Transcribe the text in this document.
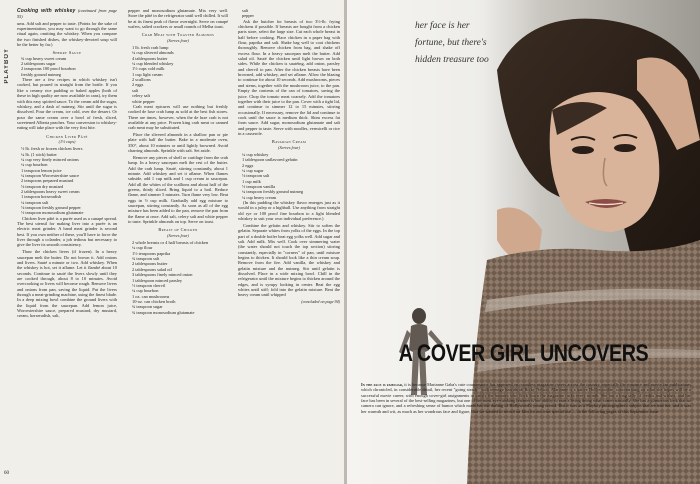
PLAYBOY
Cooking with whiskey (continued from page 55)
ums. Add salt and pepper to taste. (Points for the sake of experimentation, you may want to go through the same ritual again, omitting the whiskey. When you compare the two finished dishes, the whiskey-devoted soup will be the better by far.)
Sherry Sauce
¾ cup heavy sweet cream
2 tablespoons sugar
2 teaspoons 100 proof bourbon
freshly ground nutmeg
There are a few recipes in which whiskey isn't cooked, but poured in straight from the bottle. If you like a creamy rice pudding or baked apples (both of these in high quality are now available in cans), try them with this easy spirited sauce. To the cream add the sugar, whiskey, and a dash of nutmeg. Stir until the sugar is dissolved. Pour the cream, ice cold, over the dessert. Or pour the same cream over a bowl of fresh, sliced, sweetened Alberta peaches. Your conversion to whiskey-eating will take place with the very first bite.
Chicken Liver Pâté
(1½ cups)
½ lb. fresh or frozen chicken livers
¼ lb. (1 stick) butter
¼ cup very finely minced onions
¼ cup bourbon
1 teaspoon lemon juice
¼ teaspoon Worcestershire sauce
2 teaspoons prepared mustard
⅛ teaspoon dry mustard
2 tablespoons heavy sweet cream
1 teaspoon horseradish
¼ teaspoon salt
⅛ teaspoon freshly ground pepper
½ teaspoon monosodium glutamate
Chicken liver pâté is a purée used as a canapé spread. The best utensil for making liver into a purée is an electric meat grinder. A hand meat grinder is second best. If you own neither of these, you'll have to force the liver through a colander, a job tedious but necessary to give the liver its smooth consistency.
Thaw the chicken livers (if frozen). In a heavy saucepan melt the butter. Do not brown it. Add onions and livers. Sauté a minute or two. Add whiskey. When the whiskey is hot, set it aflame. Let it flambé about 10 seconds. Continue to sauté the livers slowly until they are cooked through, about 8 to 10 minutes. Avoid overcooking or livers will become rough. Remove livers and onions from pan, saving the liquid. Put the livers through a meat-grinding machine, using the finest blade. In a deep mixing bowl combine the ground livers with the liquid from the saucepan. Add lemon juice, Worcestershire sauce, prepared mustard, dry mustard, cream, horseradish, salt,
pepper and monosodium glutamate. Mix very well. Store the pâté in the refrigerator until well chilled. It will be at its finest peak of flavor overnight. Serve on canapé wafers, salted crackers or small rounds of Melba toast.
Crab Meat with Toasted Almonds
(Serves four)
1 lb. fresh crab lump
¼ cup slivered almonds
4 tablespoons butter
¼ cup blended whiskey
1½ cups cold milk
1 cup light cream
2 scallions
2 eggs
salt
celery salt
white pepper
Crab meat epicures will use nothing but freshly cooked de luxe crab lump as sold at the best fish stores. There are times, however, when the de luxe crab is not available at any price. Frozen king crab meat or canned crab meat may be substituted.
Place the slivered almonds in a shallow pan or pie plate with half the butter. Bake in a moderate oven, 350°, about 10 minutes or until lightly browned. Avoid charring almonds. Sprinkle with salt. Set aside.
Remove any pieces of shell or cartilage from the crab lump. In a heavy saucepan melt the rest of the butter. Add the crab lump. Sauté, stirring constantly, about 1 minute. Add whiskey and set it aflame. When flames subside, add 1 cup milk and 1 cup cream to saucepan. Add all the whites of the scallions and about half of the greens, thinly sliced. Bring liquid to a boil. Reduce flame, and simmer 5 minutes. Turn flame very low. Beat eggs in ½ cup milk. Gradually add egg mixture to saucepan, stirring constantly. As soon as all of the egg mixture has been added to the pan, remove the pan from the flame at once. Add salt, celery salt and white pepper to taste. Sprinkle almonds on top. Serve on toast.
Breast of Chicken
(Serves four)
2 whole breasts or 4 half breasts of chicken
¼ cup flour
1½ teaspoons paprika
¾ teaspoon salt
2 tablespoons butter
2 tablespoons salad oil
3 tablespoons finely minced onion
1 tablespoon minced parsley
½ teaspoon chervil
¼ cup bourbon
1 oz. can mushrooms
10-oz. can chicken broth
¾ teaspoon sugar
¾ teaspoon monosodium glutamate
salt
pepper
Ask the butcher for breasts of two 3½-lb. frying chickens if possible. If breasts are bought from a chicken parts store, select the large size. Cut each whole breast in half before cooking. Place chicken in a paper bag with flour, paprika and salt. Shake bag well to coat chickens thoroughly. Remove chicken from bag, and shake off excess flour. In a heavy saucepan melt the butter. Add salad oil. Sauté the chicken until light brown on both sides. While the chicken is sautéing, add onion, parsley and chervil to pan. After the chicken breasts have been browned, add whiskey, and set aflame. Allow the blazing to continue for about 10 seconds. Add mushrooms, pieces and stems, together with the mushroom juice, to the pan. Empty the contents of the can of tomatoes, saving the juice. Chop the tomato meat coarsely. Add the tomatoes together with their juice to the pan. Cover with a tight lid, and continue to simmer 12 to 15 minutes, stirring occasionally. If necessary, remove the lid and continue to cook until the sauce is medium thick. Skim excess fat from sauce. Add sugar, monosodium glutamate and salt and pepper to taste. Serve with noodles, vermicelli or rice in a casserole.
Bavarian Cream
(Serves four)
¼ cup whiskey
1 tablespoon unflavored gelatin
2 eggs
¼ cup sugar
⅛ teaspoon salt
1 cup milk
½ teaspoon vanilla
¼ teaspoon freshly ground nutmeg
¼ cup heavy cream
(In this pudding the whiskey flavor emerges just as it would in a julep or a highball. Use anything from straight old rye or 100 proof fine bourbon to a light blended whiskey to suit your own individual preference.)
Combine the gelatin and whiskey. Stir to soften the gelatin. Separate whites from yolks of the eggs. In the top part of a double boiler beat egg yolks well. Add sugar and salt. Add milk. Mix well. Cook over simmering water (the water should not touch the top section) stirring constantly, especially in "corners" of pan, until mixture begins to thicken. It should look like a thin cream soup. Remove from the fire. Add vanilla, the whiskey and gelatin mixture and the nutmeg. Stir until gelatin is dissolved. Place in a wide mixing bowl. Chill in the refrigerator until the mixture begins to thicken around the edges, and is syrupy looking in center. Beat the egg whites until stiff; fold into the gelatin mixture. Beat the heavy cream until whipped
(concluded on page 94)
60
her face is her
fortune, but there's
hidden treasure too
A COVER GIRL UNCOVERS
In the face is familiar, it is because Marianne Gaba's cute countenance has appeared on countless magazine covers across the country, especially the romance and movie fan publications which chronicled, in considerable detail, her recent "going steady" with teenage heartthrob Ricky Nelson. Marianne is a native Hollywoodite, concentrating on what she hopes will be a successful movie career, with enough cover-girl assignments to satisfy the bunnies who flock down the magazine racks every month. She has a long tally of credits and wishes, and her face has been in several of the best-selling magazines, but one of her most eye-catching features is her ability to earn a living doing what comes naturally. She has a glamorous look that no camera can ignore, and a refreshing sense of humor which made her the darling of Hollywood's young crowd. But it was as a Playboy photographer's subject that we met her, and it was her warmth and wit, as much as her wondrous face and figure, that we wanted to record on film for our own special use — in the following pages of this September issue.
